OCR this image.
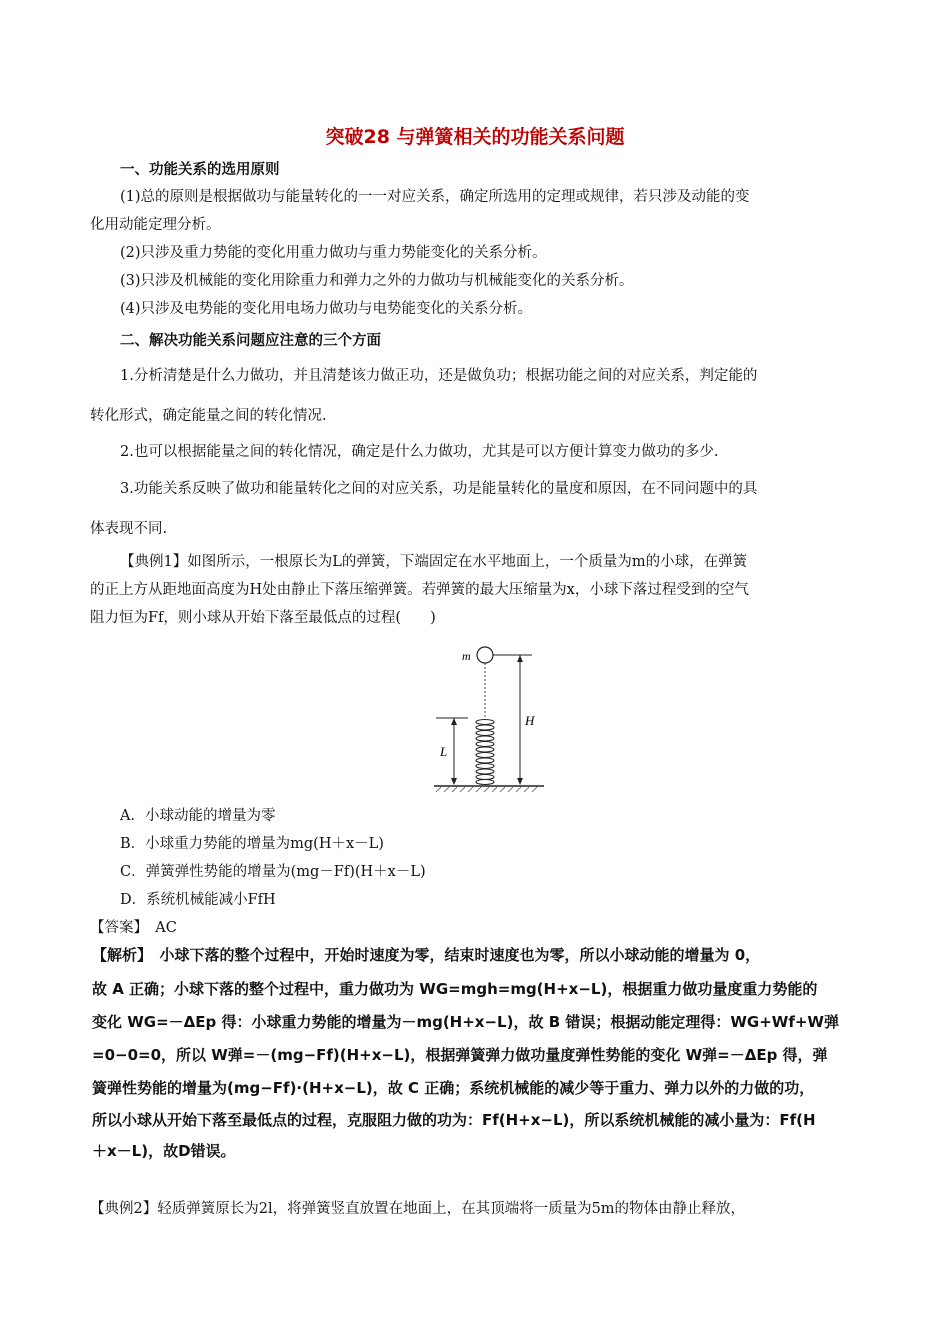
突破28 与弹簧相关的功能关系问题
一、功能关系的选用原则
(1)总的原则是根据做功与能量转化的一一对应关系，确定所选用的定理或规律，若只涉及动能的变
化用动能定理分析。
(2)只涉及重力势能的变化用重力做功与重力势能变化的关系分析。
(3)只涉及机械能的变化用除重力和弹力之外的力做功与机械能变化的关系分析。
(4)只涉及电势能的变化用电场力做功与电势能变化的关系分析。
二、解决功能关系问题应注意的三个方面
1.分析清楚是什么力做功，并且清楚该力做正功，还是做负功；根据功能之间的对应关系，判定能的
转化形式，确定能量之间的转化情况.
2.也可以根据能量之间的转化情况，确定是什么力做功，尤其是可以方便计算变力做功的多少.
3.功能关系反映了做功和能量转化之间的对应关系，功是能量转化的量度和原因，在不同问题中的具
体表现不同.
【典例1】如图所示，一根原长为L的弹簧，下端固定在水平地面上，一个质量为m的小球，在弹簧
的正上方从距地面高度为H处由静止下落压缩弹簧。若弹簧的最大压缩量为x，小球下落过程受到的空气
阻力恒为Ff，则小球从开始下落至最低点的过程(　　)
m
L
H
A．小球动能的增量为零
B．小球重力势能的增量为mg(H＋x－L)
C．弹簧弹性势能的增量为(mg－Ff)(H＋x－L)
D．系统机械能减小FfH
【答案】　AC
【解析】　小球下落的整个过程中，开始时速度为零，结束时速度也为零，所以小球动能的增量为 0，
故 A 正确；小球下落的整个过程中，重力做功为 WG=mgh=mg(H+x−L)，根据重力做功量度重力势能的
变化 WG=－ΔEp 得：小球重力势能的增量为－mg(H+x−L)，故 B 错误；根据动能定理得：WG+Wf+W弹
=0−0=0，所以 W弹=－(mg−Ff)(H+x−L)，根据弹簧弹力做功量度弹性势能的变化 W弹=－ΔEp 得，弹
簧弹性势能的增量为(mg−Ff)·(H+x−L)，故 C 正确；系统机械能的减少等于重力、弹力以外的力做的功，
所以小球从开始下落至最低点的过程，克服阻力做的功为：Ff(H+x−L)，所以系统机械能的减小量为：Ff(H
＋x－L)，故D错误。
【典例2】轻质弹簧原长为2l，将弹簧竖直放置在地面上，在其顶端将一质量为5m的物体由静止释放，
